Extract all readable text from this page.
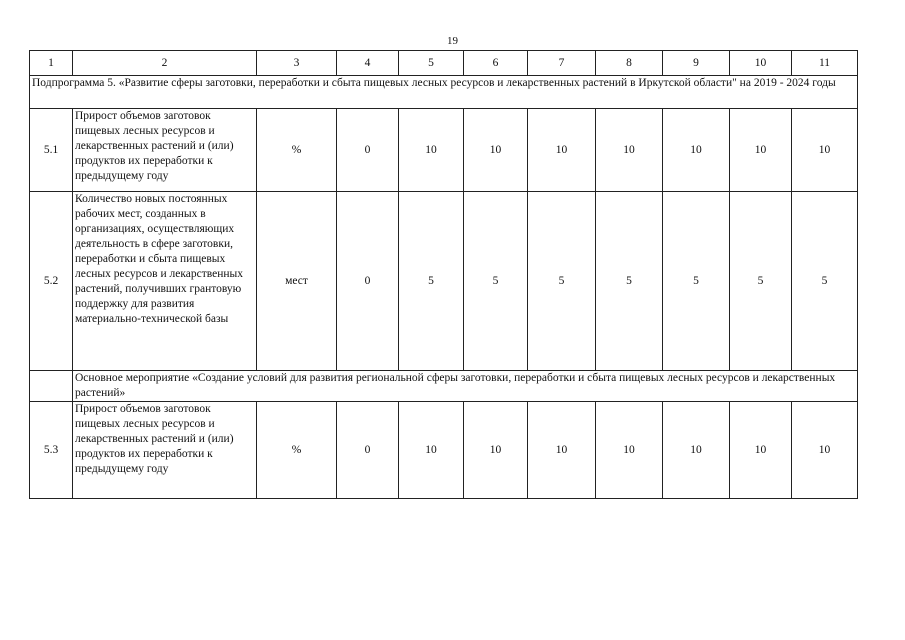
19
1	2	3	4	5	6	7	8	9	10	11
Подпрограмма 5. «Развитие сферы заготовки, переработки и сбыта пищевых лесных ресурсов и лекарственных растений в Иркутской области" на 2019 - 2024 годы										
5.1	Прирост объемов заготовок пищевых лесных ресурсов и лекарственных растений и (или) продуктов их переработки к предыдущему году	%	0	10	10	10	10	10	10	10
5.2	Количество новых постоянных рабочих мест, созданных в организациях, осуществляющих деятельность в сфере заготовки, переработки и сбыта пищевых лесных ресурсов и лекарственных растений, получивших грантовую поддержку для развития материально-технической базы	мест	0	5	5	5	5	5	5	5
	Основное мероприятие «Создание условий для развития региональной сферы заготовки, переработки и сбыта пищевых лесных ресурсов и лекарственных растений»									
5.3	Прирост объемов заготовок пищевых лесных ресурсов и лекарственных растений и (или) продуктов их переработки к предыдущему году	%	0	10	10	10	10	10	10	10
